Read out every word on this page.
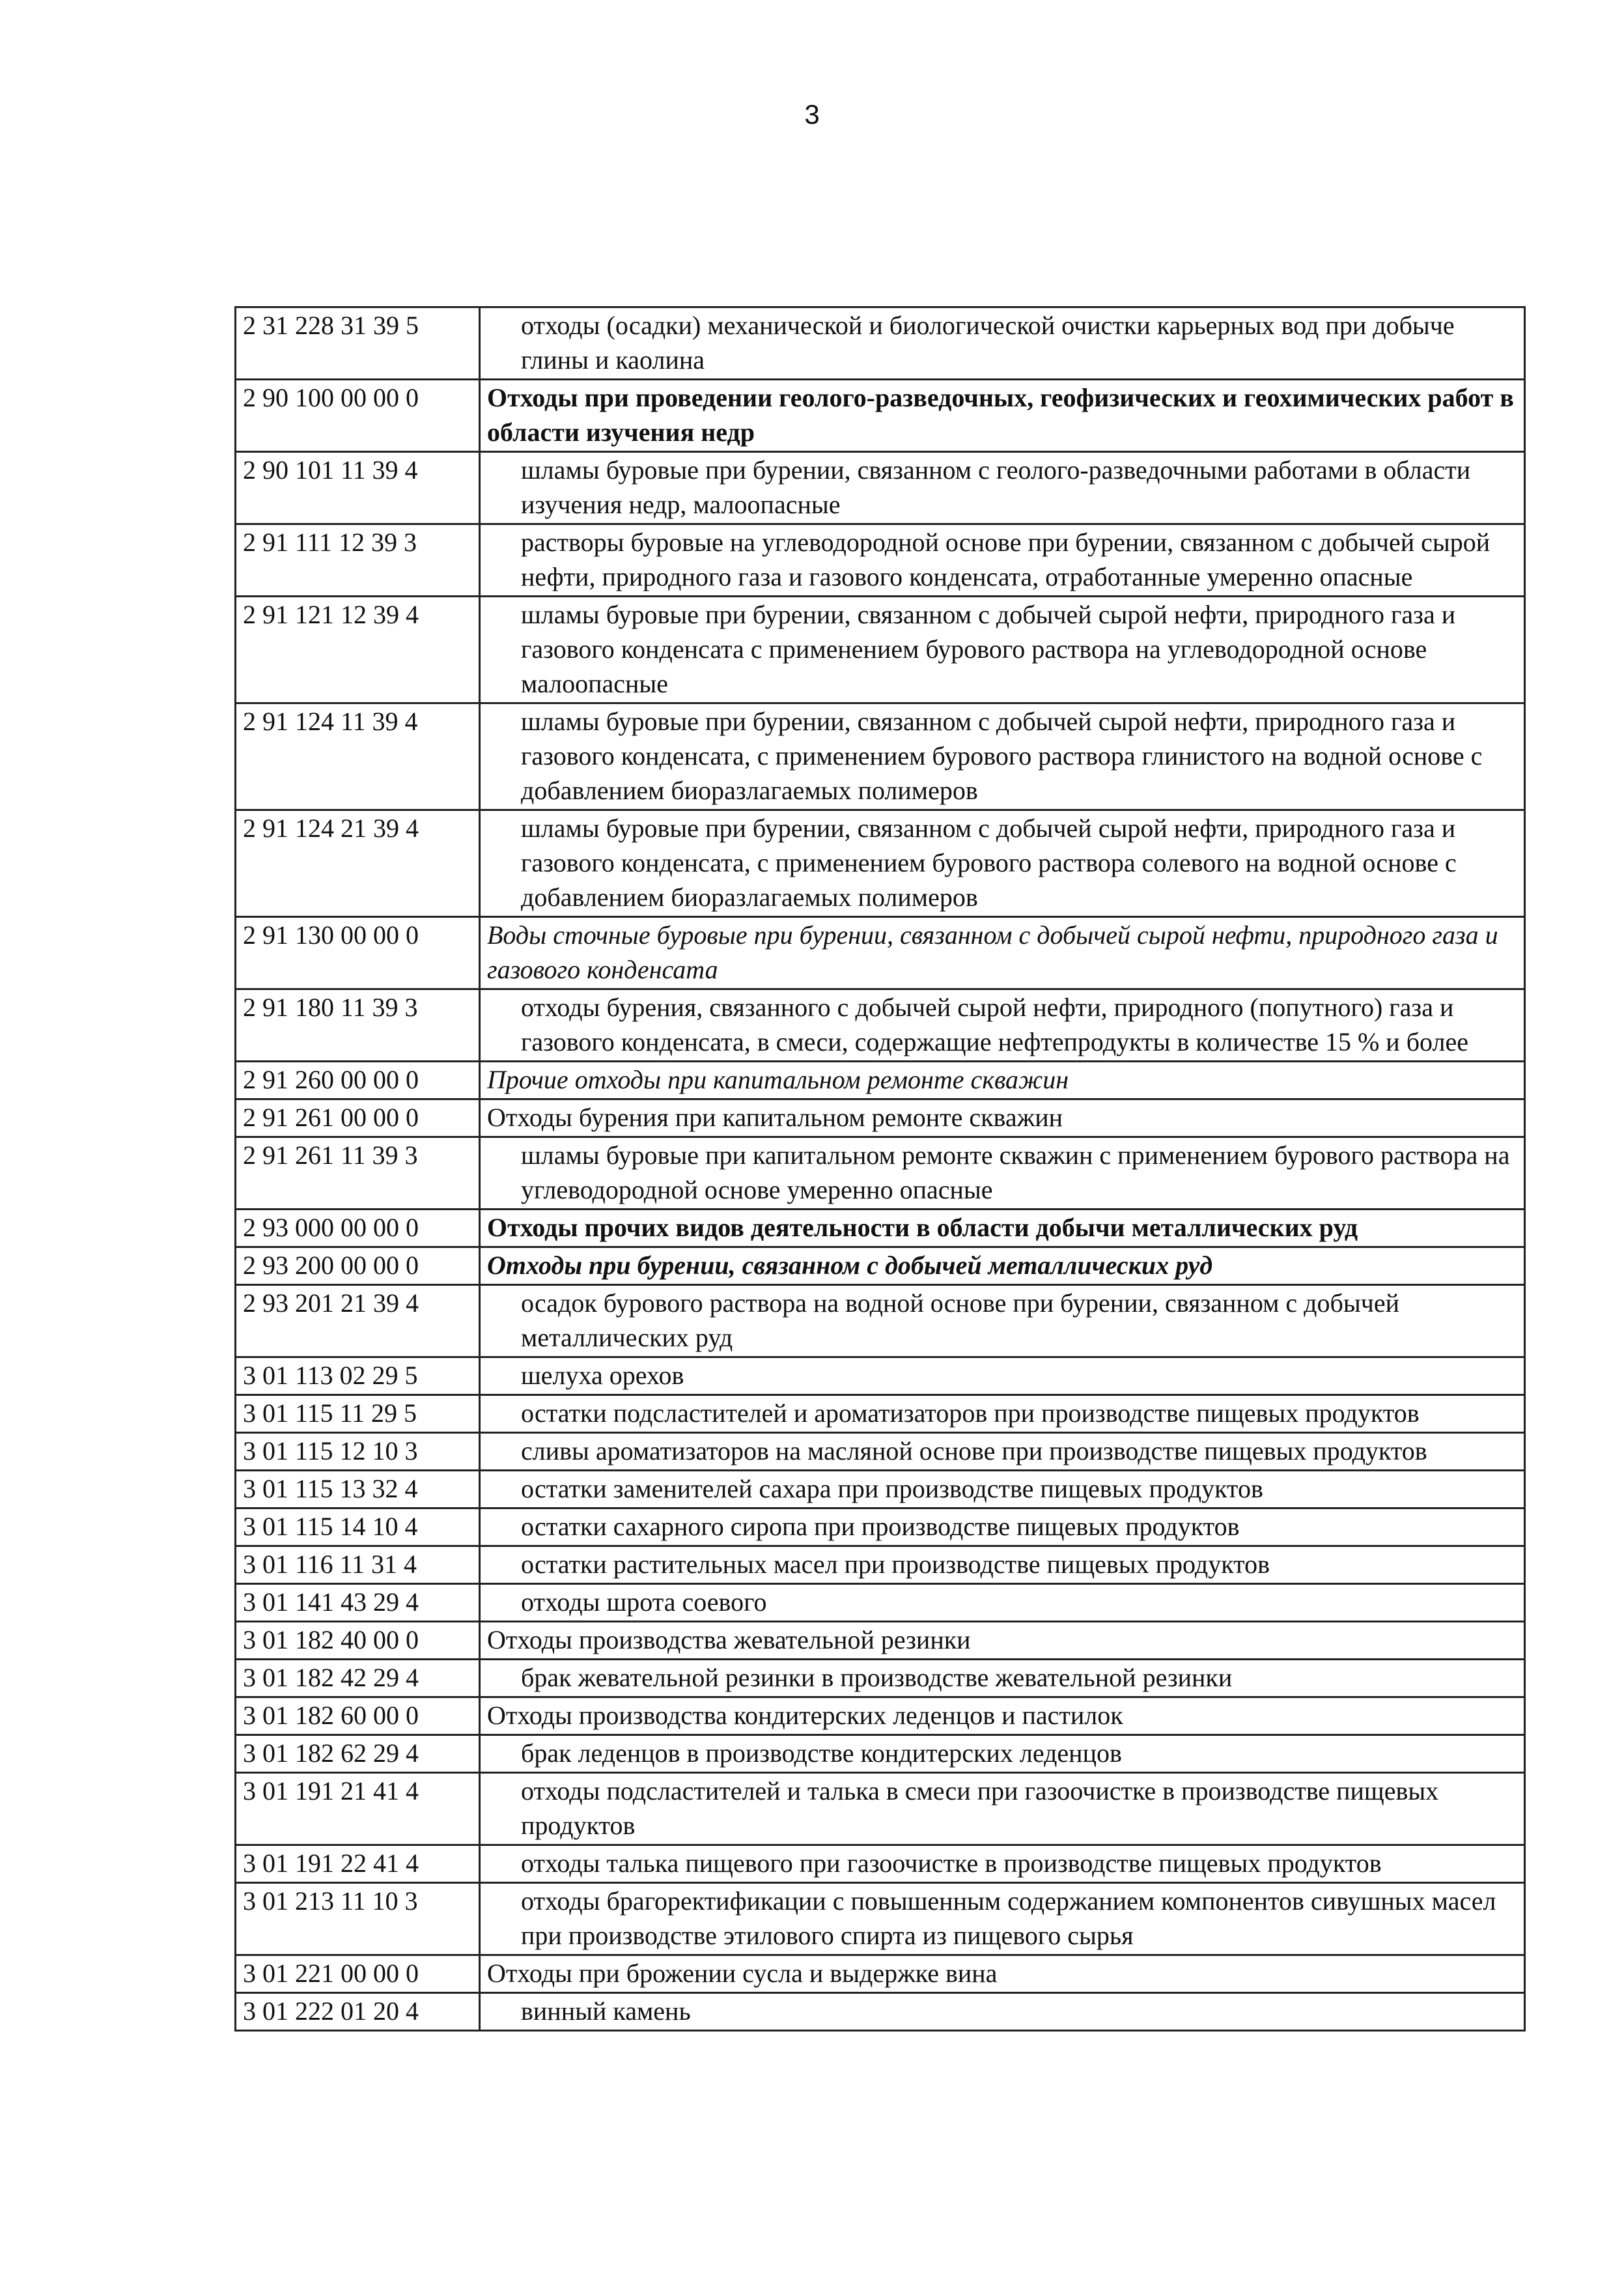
3
2 31 228 31 39 5	отходы (осадки) механической и биологической очистки карьерных вод при добыче глины и каолина
2 90 100 00 00 0	Отходы при проведении геолого-разведочных, геофизических и геохимических работ в области изучения недр
2 90 101 11 39 4	шламы буровые при бурении, связанном с геолого-разведочными работами в области изучения недр, малоопасные
2 91 111 12 39 3	растворы буровые на углеводородной основе при бурении, связанном с добычей сырой нефти, природного газа и газового конденсата, отработанные умеренно опасные
2 91 121 12 39 4	шламы буровые при бурении, связанном с добычей сырой нефти, природного газа и газового конденсата с применением бурового раствора на углеводородной основе малоопасные
2 91 124 11 39 4	шламы буровые при бурении, связанном с добычей сырой нефти, природного газа и газового конденсата, с применением бурового раствора глинистого на водной основе с добавлением биоразлагаемых полимеров
2 91 124 21 39 4	шламы буровые при бурении, связанном с добычей сырой нефти, природного газа и газового конденсата, с применением бурового раствора солевого на водной основе с добавлением биоразлагаемых полимеров
2 91 130 00 00 0	Воды сточные буровые при бурении, связанном с добычей сырой нефти, природного газа и газового конденсата
2 91 180 11 39 3	отходы бурения, связанного с добычей сырой нефти, природного (попутного) газа и газового конденсата, в смеси, содержащие нефтепродукты в количестве 15 % и более
2 91 260 00 00 0	Прочие отходы при капитальном ремонте скважин
2 91 261 00 00 0	Отходы бурения при капитальном ремонте скважин
2 91 261 11 39 3	шламы буровые при капитальном ремонте скважин с применением бурового раствора на углеводородной основе умеренно опасные
2 93 000 00 00 0	Отходы прочих видов деятельности в области добычи металлических руд
2 93 200 00 00 0	Отходы при бурении, связанном с добычей металлических руд
2 93 201 21 39 4	осадок бурового раствора на водной основе при бурении, связанном с добычей металлических руд
3 01 113 02 29 5	шелуха орехов
3 01 115 11 29 5	остатки подсластителей и ароматизаторов при производстве пищевых продуктов
3 01 115 12 10 3	сливы ароматизаторов на масляной основе при производстве пищевых продуктов
3 01 115 13 32 4	остатки заменителей сахара при производстве пищевых продуктов
3 01 115 14 10 4	остатки сахарного сиропа при производстве пищевых продуктов
3 01 116 11 31 4	остатки растительных масел при производстве пищевых продуктов
3 01 141 43 29 4	отходы шрота соевого
3 01 182 40 00 0	Отходы производства жевательной резинки
3 01 182 42 29 4	брак жевательной резинки в производстве жевательной резинки
3 01 182 60 00 0	Отходы производства кондитерских леденцов и пастилок
3 01 182 62 29 4	брак леденцов в производстве кондитерских леденцов
3 01 191 21 41 4	отходы подсластителей и талька в смеси при газоочистке в производстве пищевых продуктов
3 01 191 22 41 4	отходы талька пищевого при газоочистке в производстве пищевых продуктов
3 01 213 11 10 3	отходы брагоректификации с повышенным содержанием компонентов сивушных масел при производстве этилового спирта из пищевого сырья
3 01 221 00 00 0	Отходы при брожении сусла и выдержке вина
3 01 222 01 20 4	винный камень
